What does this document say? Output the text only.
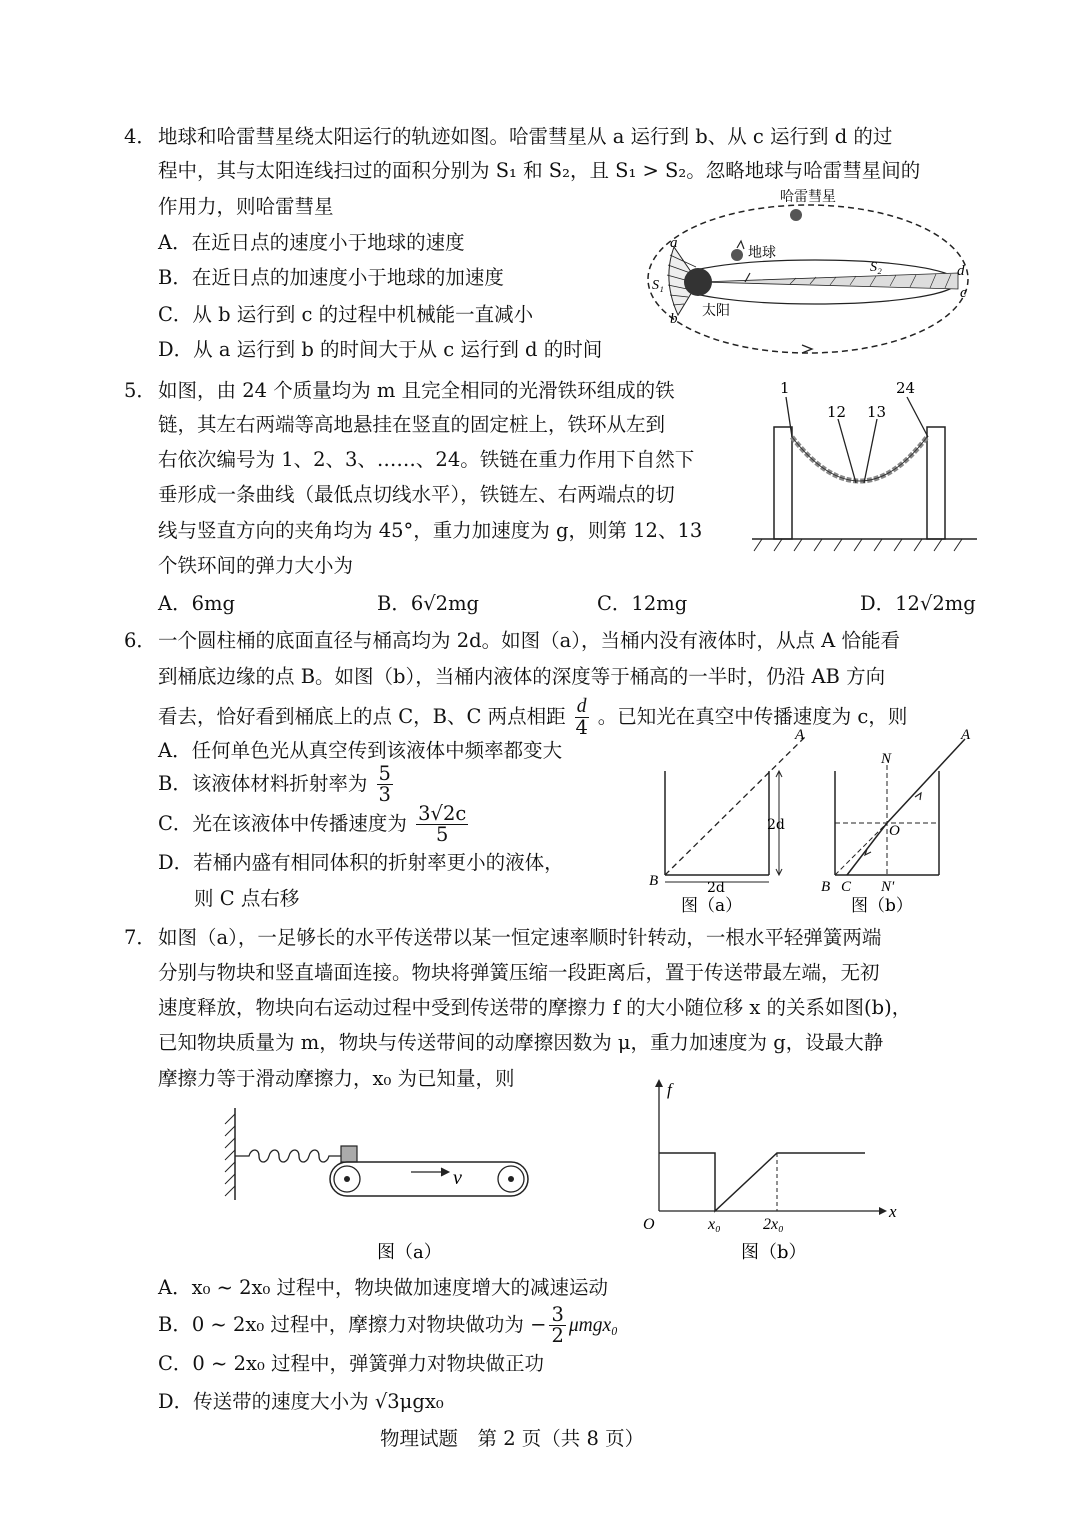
4． 地球和哈雷彗星绕太阳运行的轨迹如图。哈雷彗星从 a 运行到 b、从 c 运行到 d 的过
程中，其与太阳连线扫过的面积分别为 S₁ 和 S₂，且 S₁ > S₂。忽略地球与哈雷彗星间的
作用力，则哈雷彗星
A．在近日点的速度小于地球的速度
B．在近日点的加速度小于地球的加速度
C．从 b 运行到 c 的过程中机械能一直减小
D．从 a 运行到 b 的时间大于从 c 运行到 d 的时间
哈雷彗星
地球
太阳
a
b
c
d
S₁
S₂
5． 如图，由 24 个质量均为 m 且完全相同的光滑铁环组成的铁
链，其左右两端等高地悬挂在竖直的固定桩上，铁环从左到
右依次编号为 1、2、3、……、24。铁链在重力作用下自然下
垂形成一条曲线（最低点切线水平），铁链左、右两端点的切
线与竖直方向的夹角均为 45°，重力加速度为 g，则第 12、13
个铁环间的弹力大小为
A．6mg	B．6√2mg	C．12mg	D．12√2mg
1
12 13
24
6． 一个圆柱桶的底面直径与桶高均为 2d。如图（a），当桶内没有液体时，从点 A 恰能看
到桶底边缘的点 B。如图（b），当桶内液体的深度等于桶高的一半时，仍沿 AB 方向
看去，恰好看到桶底上的点 C，B、C 两点相距 $\frac{d}{4}$ 。已知光在真空中传播速度为 c，则
A．任何单色光从真空传到该液体中频率都变大
B．该液体材料折射率为 $\frac{5}{3}$
C．光在该液体中传播速度为 $\frac{3√2c}{5}$
D．若桶内盛有相同体积的折射率更小的液体，
则 C 点右移
A
B
2d
2d
图（a）
A
N
O
B C N'
图（b）
7． 如图（a），一足够长的水平传送带以某一恒定速率顺时针转动，一根水平轻弹簧两端
分别与物块和竖直墙面连接。物块将弹簧压缩一段距离后，置于传送带最左端，无初
速度释放，物块向右运动过程中受到传送带的摩擦力 f 的大小随位移 x 的关系如图(b)，
已知物块质量为 m，物块与传送带间的动摩擦因数为 μ，重力加速度为 g，设最大静
摩擦力等于滑动摩擦力，x₀ 为已知量，则
v
图（a）
f
x
O	x₀	2x₀
图（b）
A．x₀ ~ 2x₀ 过程中，物块做加速度增大的减速运动
B．0 ~ 2x₀ 过程中，摩擦力对物块做功为 − $\frac{3}{2} \mu mgx_0$
C．0 ~ 2x₀ 过程中，弹簧弹力对物块做正功
D．传送带的速度大小为 √3μgx₀
物理试题　第 2 页（共 8 页）
